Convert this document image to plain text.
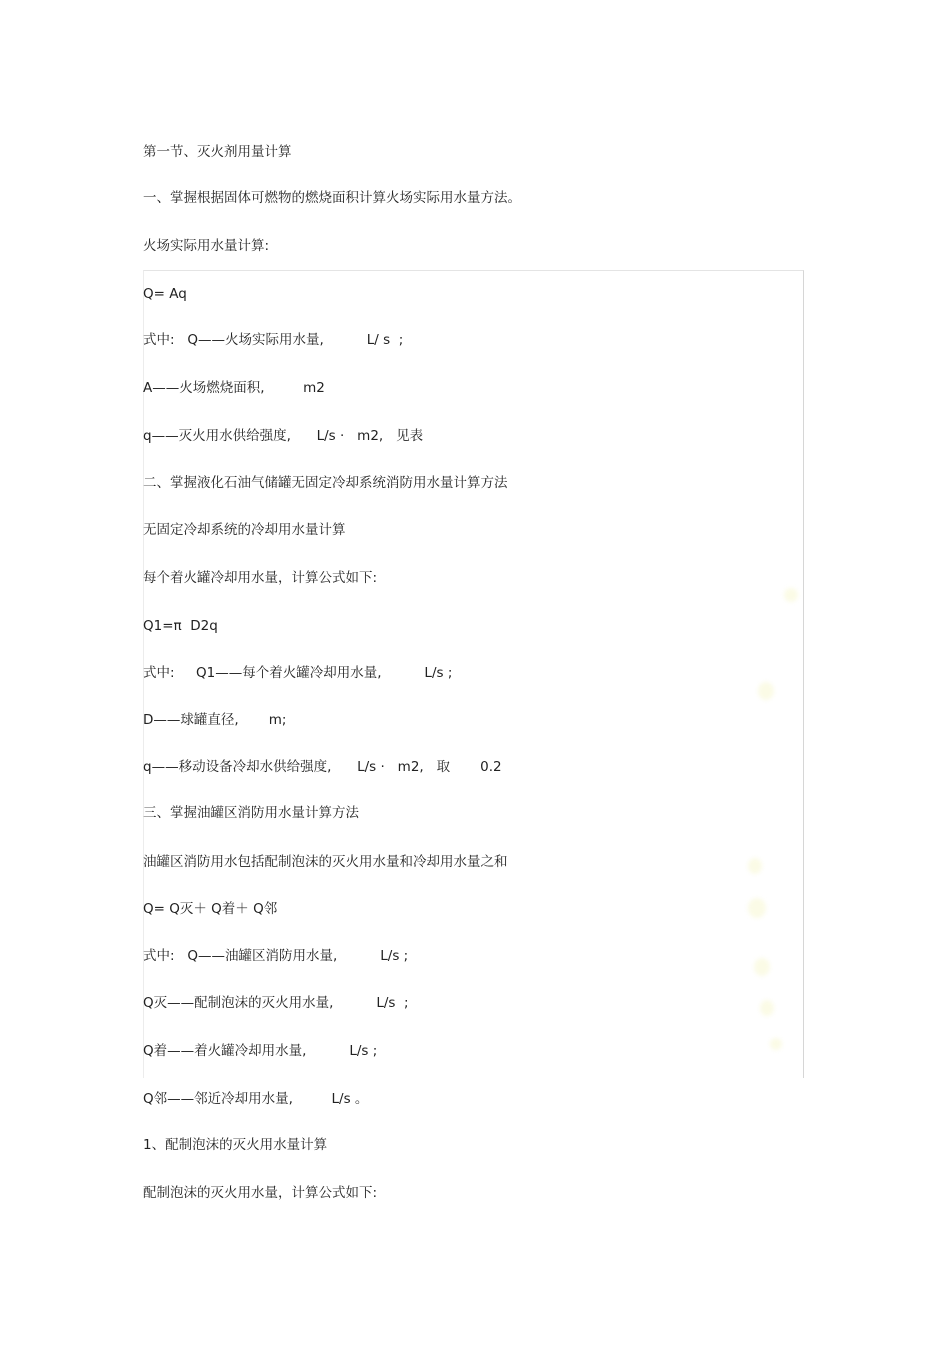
第一节、灭火剂用量计算
一、掌握根据固体可燃物的燃烧面积计算火场实际用水量方法。
火场实际用水量计算:
Q= Aq
式中:   Q——火场实际用水量,          L/ s  ;
A——火场燃烧面积,         m2
q——灭火用水供给强度,      L/s ·   m2,   见表
二、掌握液化石油气储罐无固定冷却系统消防用水量计算方法
无固定冷却系统的冷却用水量计算
每个着火罐冷却用水量，计算公式如下:
Q1=π  D2q
式中:     Q1——每个着火罐冷却用水量,          L/s ;
D——球罐直径,       m;
q——移动设备冷却水供给强度,      L/s ·   m2,   取       0.2
三、掌握油罐区消防用水量计算方法
油罐区消防用水包括配制泡沫的灭火用水量和冷却用水量之和
Q= Q灭＋ Q着＋ Q邻
式中:   Q——油罐区消防用水量,          L/s ;
Q灭——配制泡沫的灭火用水量,          L/s  ;
Q着——着火罐冷却用水量,          L/s ;
Q邻——邻近冷却用水量,         L/s 。
1、配制泡沫的灭火用水量计算
配制泡沫的灭火用水量，计算公式如下:
